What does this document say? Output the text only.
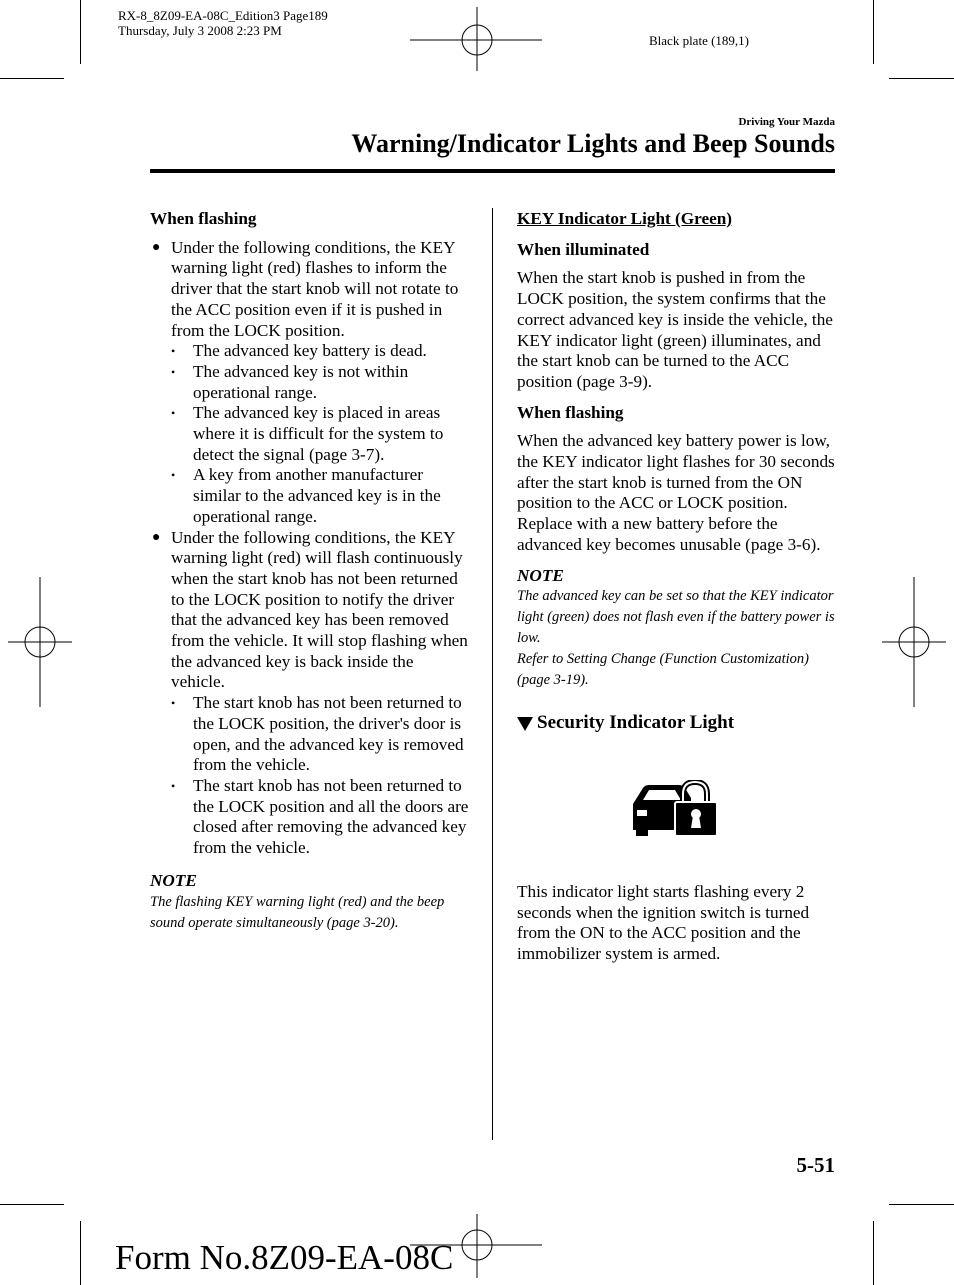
RX-8_8Z09-EA-08C_Edition3 Page189
Thursday, July 3 2008 2:23 PM
Black plate (189,1)
Driving Your Mazda
Warning/Indicator Lights and Beep Sounds
When flashing
● Under the following conditions, the KEY warning light (red) flashes to inform the driver that the start knob will not rotate to the ACC position even if it is pushed in from the LOCK position.
• The advanced key battery is dead.
• The advanced key is not within operational range.
• The advanced key is placed in areas where it is difficult for the system to detect the signal (page 3-7).
• A key from another manufacturer similar to the advanced key is in the operational range.
● Under the following conditions, the KEY warning light (red) will flash continuously when the start knob has not been returned to the LOCK position to notify the driver that the advanced key has been removed from the vehicle. It will stop flashing when the advanced key is back inside the vehicle.
• The start knob has not been returned to the LOCK position, the driver's door is open, and the advanced key is removed from the vehicle.
• The start knob has not been returned to the LOCK position and all the doors are closed after removing the advanced key from the vehicle.
NOTE
The flashing KEY warning light (red) and the beep sound operate simultaneously (page 3-20).
KEY Indicator Light (Green)
When illuminated

When the start knob is pushed in from the LOCK position, the system confirms that the correct advanced key is inside the vehicle, the KEY indicator light (green) illuminates, and the start knob can be turned to the ACC position (page 3-9).

When flashing

When the advanced key battery power is low, the KEY indicator light flashes for 30 seconds after the start knob is turned from the ON position to the ACC or LOCK position. Replace with a new battery before the advanced key becomes unusable (page 3-6).

NOTE
The advanced key can be set so that the KEY indicator light (green) does not flash even if the battery power is low.
Refer to Setting Change (Function Customization)(page 3-19).
Security Indicator Light

This indicator light starts flashing every 2 seconds when the ignition switch is turned from the ON to the ACC position and the immobilizer system is armed.

5-51
Form No.8Z09-EA-08C
